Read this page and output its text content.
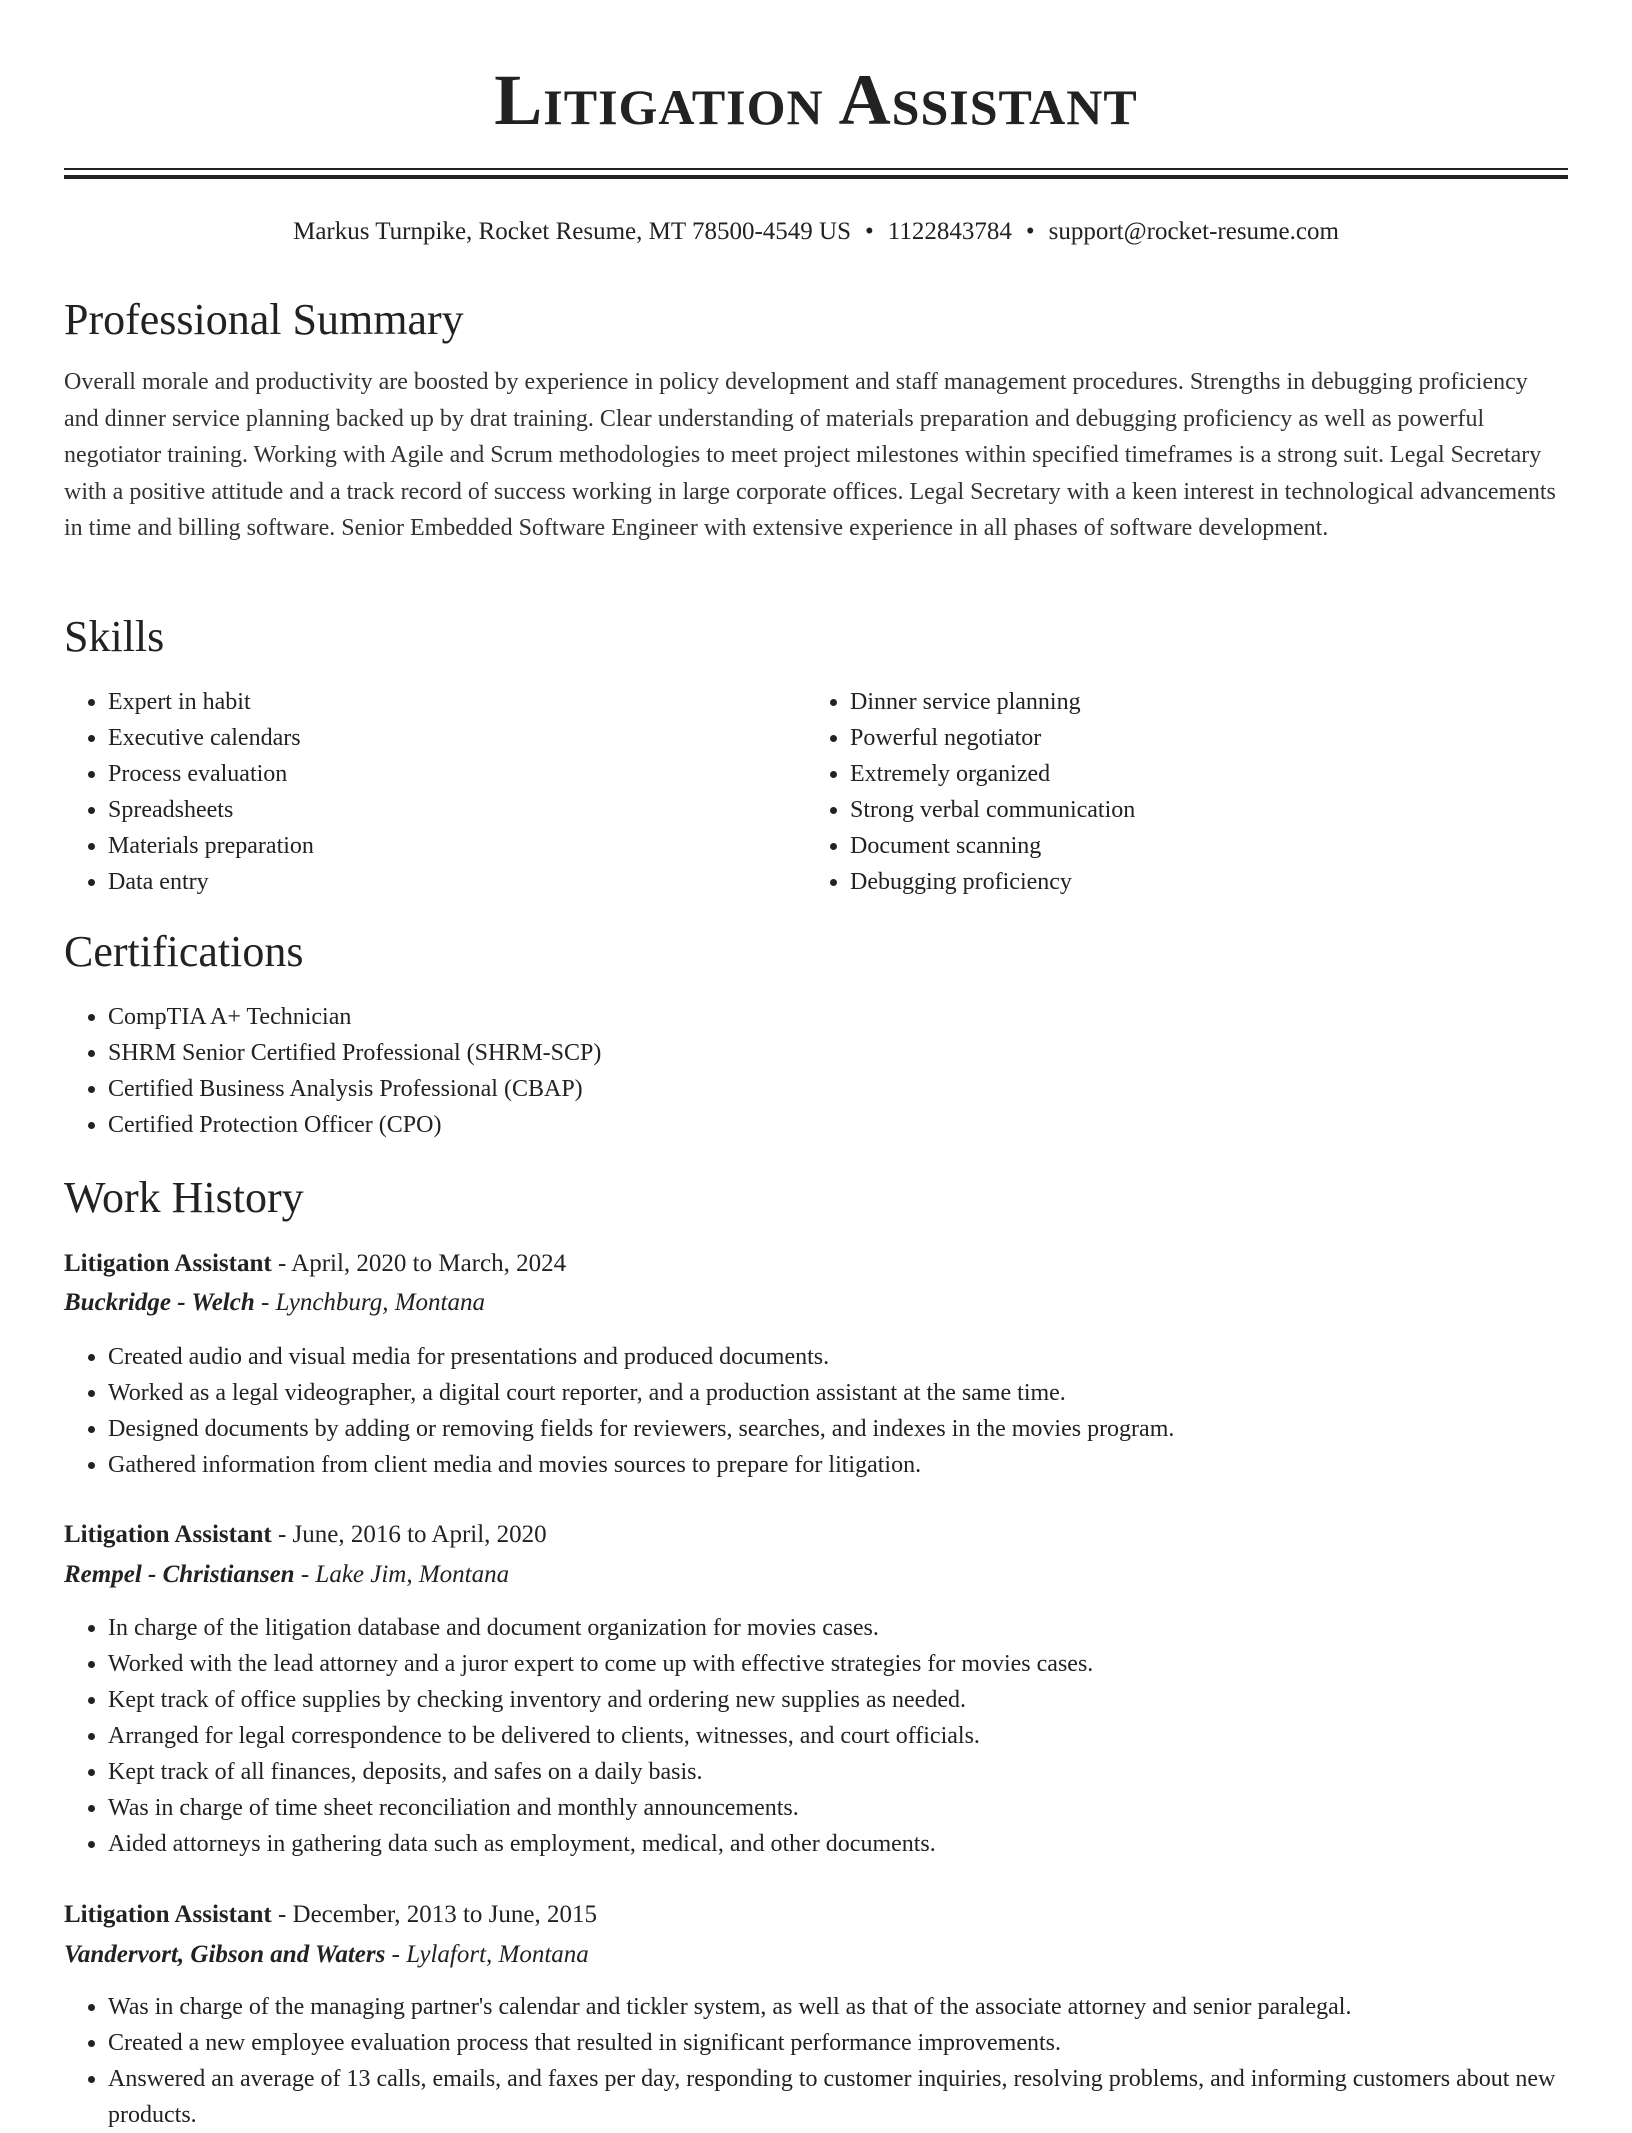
Litigation Assistant
Markus Turnpike, Rocket Resume, MT 78500-4549 US • 1122843784 • support@rocket-resume.com
Professional Summary

Overall morale and productivity are boosted by experience in policy development and staff management procedures. Strengths in debugging proficiency and dinner service planning backed up by drat training. Clear understanding of materials preparation and debugging proficiency as well as powerful negotiator training. Working with Agile and Scrum methodologies to meet project milestones within specified timeframes is a strong suit. Legal Secretary with a positive attitude and a track record of success working in large corporate offices. Legal Secretary with a keen interest in technological advancements in time and billing software. Senior Embedded Software Engineer with extensive experience in all phases of software development.

Skills
• Expert in habit
• Executive calendars
• Process evaluation
• Spreadsheets
• Materials preparation
• Data entry
• Dinner service planning
• Powerful negotiator
• Extremely organized
• Strong verbal communication
• Document scanning
• Debugging proficiency
Certifications
• CompTIA A+ Technician
• SHRM Senior Certified Professional (SHRM-SCP)
• Certified Business Analysis Professional (CBAP)
• Certified Protection Officer (CPO)
Work History
Litigation Assistant - April, 2020 to March, 2024
Buckridge - Welch - Lynchburg, Montana
• Created audio and visual media for presentations and produced documents.
• Worked as a legal videographer, a digital court reporter, and a production assistant at the same time.
• Designed documents by adding or removing fields for reviewers, searches, and indexes in the movies program.
• Gathered information from client media and movies sources to prepare for litigation.
Litigation Assistant - June, 2016 to April, 2020
Rempel - Christiansen - Lake Jim, Montana
• In charge of the litigation database and document organization for movies cases.
• Worked with the lead attorney and a juror expert to come up with effective strategies for movies cases.
• Kept track of office supplies by checking inventory and ordering new supplies as needed.
• Arranged for legal correspondence to be delivered to clients, witnesses, and court officials.
• Kept track of all finances, deposits, and safes on a daily basis.
• Was in charge of time sheet reconciliation and monthly announcements.
• Aided attorneys in gathering data such as employment, medical, and other documents.
Litigation Assistant - December, 2013 to June, 2015
Vandervort, Gibson and Waters - Lylafort, Montana
• Was in charge of the managing partner's calendar and tickler system, as well as that of the associate attorney and senior paralegal.
• Created a new employee evaluation process that resulted in significant performance improvements.
• Answered an average of 13 calls, emails, and faxes per day, responding to customer inquiries, resolving problems, and informing customers about new products.
